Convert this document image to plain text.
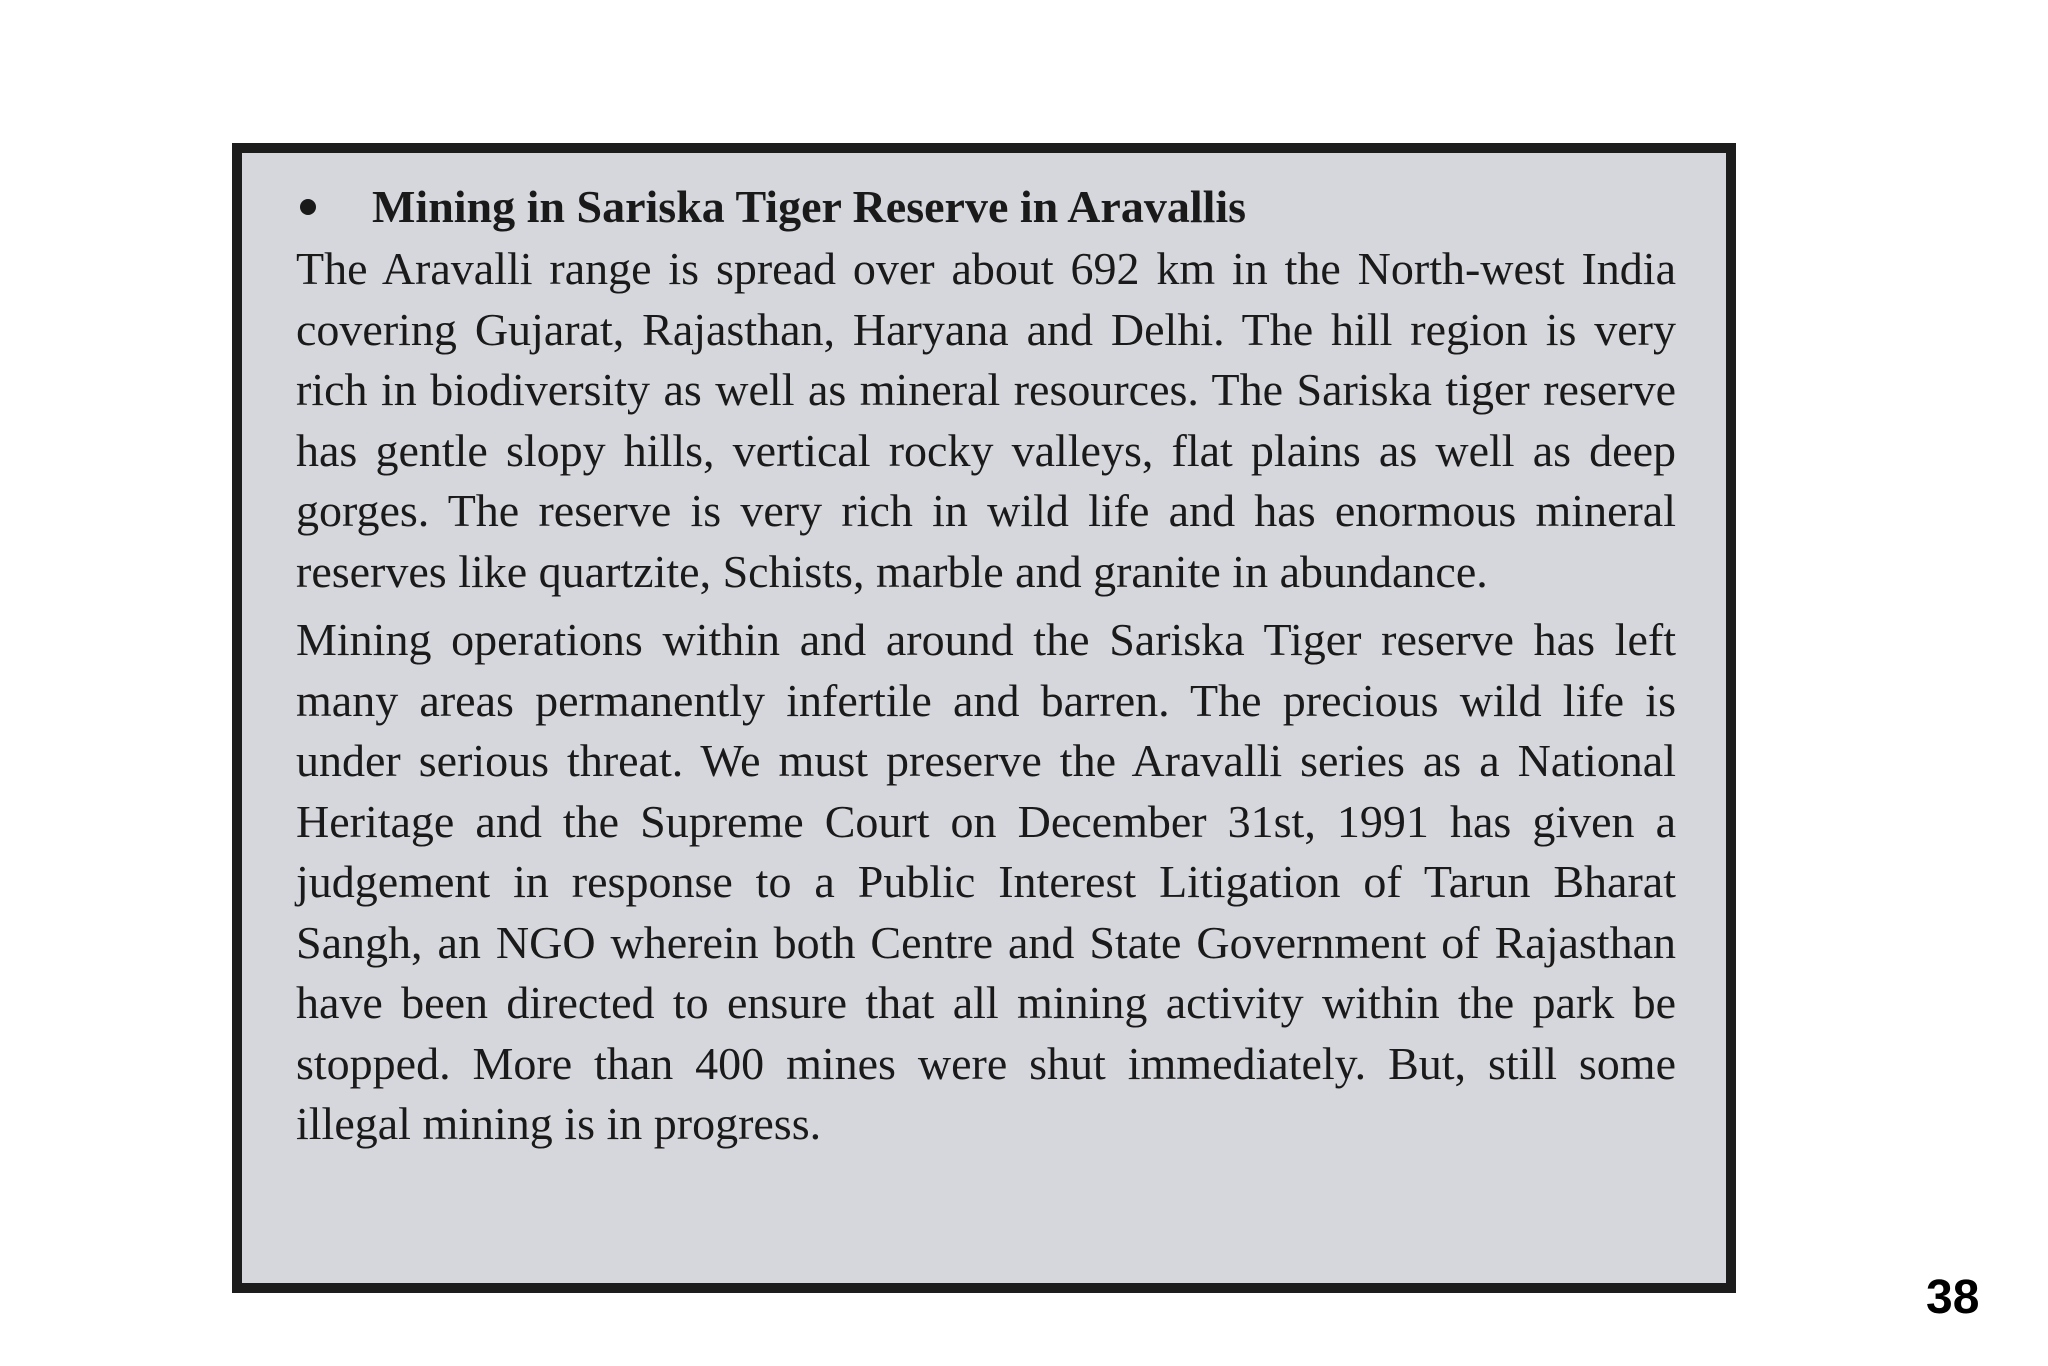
Mining in Sariska Tiger Reserve in Aravallis

The Aravalli range is spread over about 692 km in the North-west India covering Gujarat, Rajasthan, Haryana and Delhi. The hill region is very rich in biodiversity as well as mineral resources. The Sariska tiger reserve has gentle slopy hills, vertical rocky valleys, flat plains as well as deep gorges. The reserve is very rich in wild life and has enormous mineral reserves like quartzite, Schists, marble and granite in abundance.

Mining operations within and around the Sariska Tiger reserve has left many areas permanently infertile and barren. The precious wild life is under serious threat. We must preserve the Aravalli series as a National Heritage and the Supreme Court on December 31st, 1991 has given a judgement in response to a Public Interest Litigation of Tarun Bharat Sangh, an NGO wherein both Centre and State Government of Rajasthan have been directed to ensure that all mining activity within the park be stopped. More than 400 mines were shut immediately. But, still some illegal mining is in progress.

38
